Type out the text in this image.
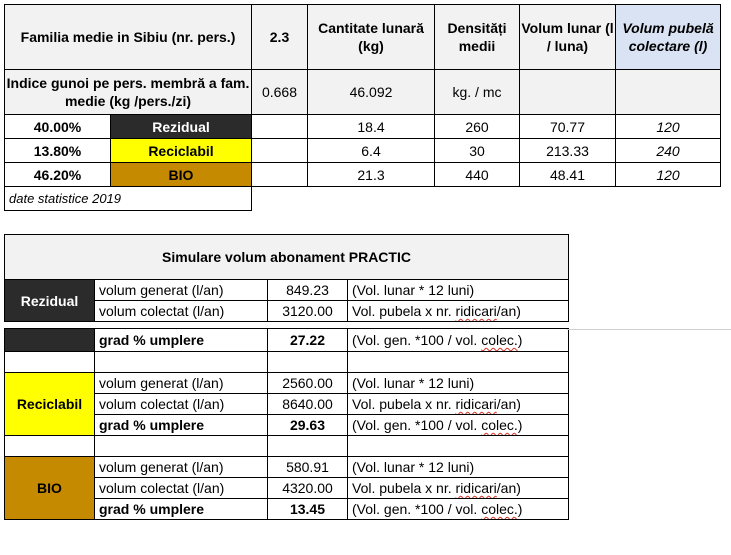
Familia medie in Sibiu (nr. pers.)		2.3	Cantitate lunară (kg)	Densități medii	Volum lunar (l / luna)	Volum pubelă colectare (l)
Indice gunoi pe pers. membră a fam. medie (kg /pers./zi)		0.668	46.092	kg. / mc		
40.00%	Rezidual		18.4	260	70.77	120
13.80%	Reciclabil		6.4	30	213.33	240
46.20%	BIO		21.3	440	48.41	120
date statistice 2019						
Simulare volum abonament PRACTIC			
Rezidual	volum generat (l/an)	849.23	(Vol. lunar * 12 luni)
	volum colectat (l/an)	3120.00	Vol. pubela x nr. ridicari/an)

	grad % umplere	27.22	(Vol. gen. *100 / vol. colec.)

Reciclabil	volum generat (l/an)	2560.00	(Vol. lunar * 12 luni)
	volum colectat (l/an)	8640.00	Vol. pubela x nr. ridicari/an)
	grad % umplere	29.63	(Vol. gen. *100 / vol. colec.)

BIO	volum generat (l/an)	580.91	(Vol. lunar * 12 luni)
	volum colectat (l/an)	4320.00	Vol. pubela x nr. ridicari/an)
	grad % umplere	13.45	(Vol. gen. *100 / vol. colec.)
